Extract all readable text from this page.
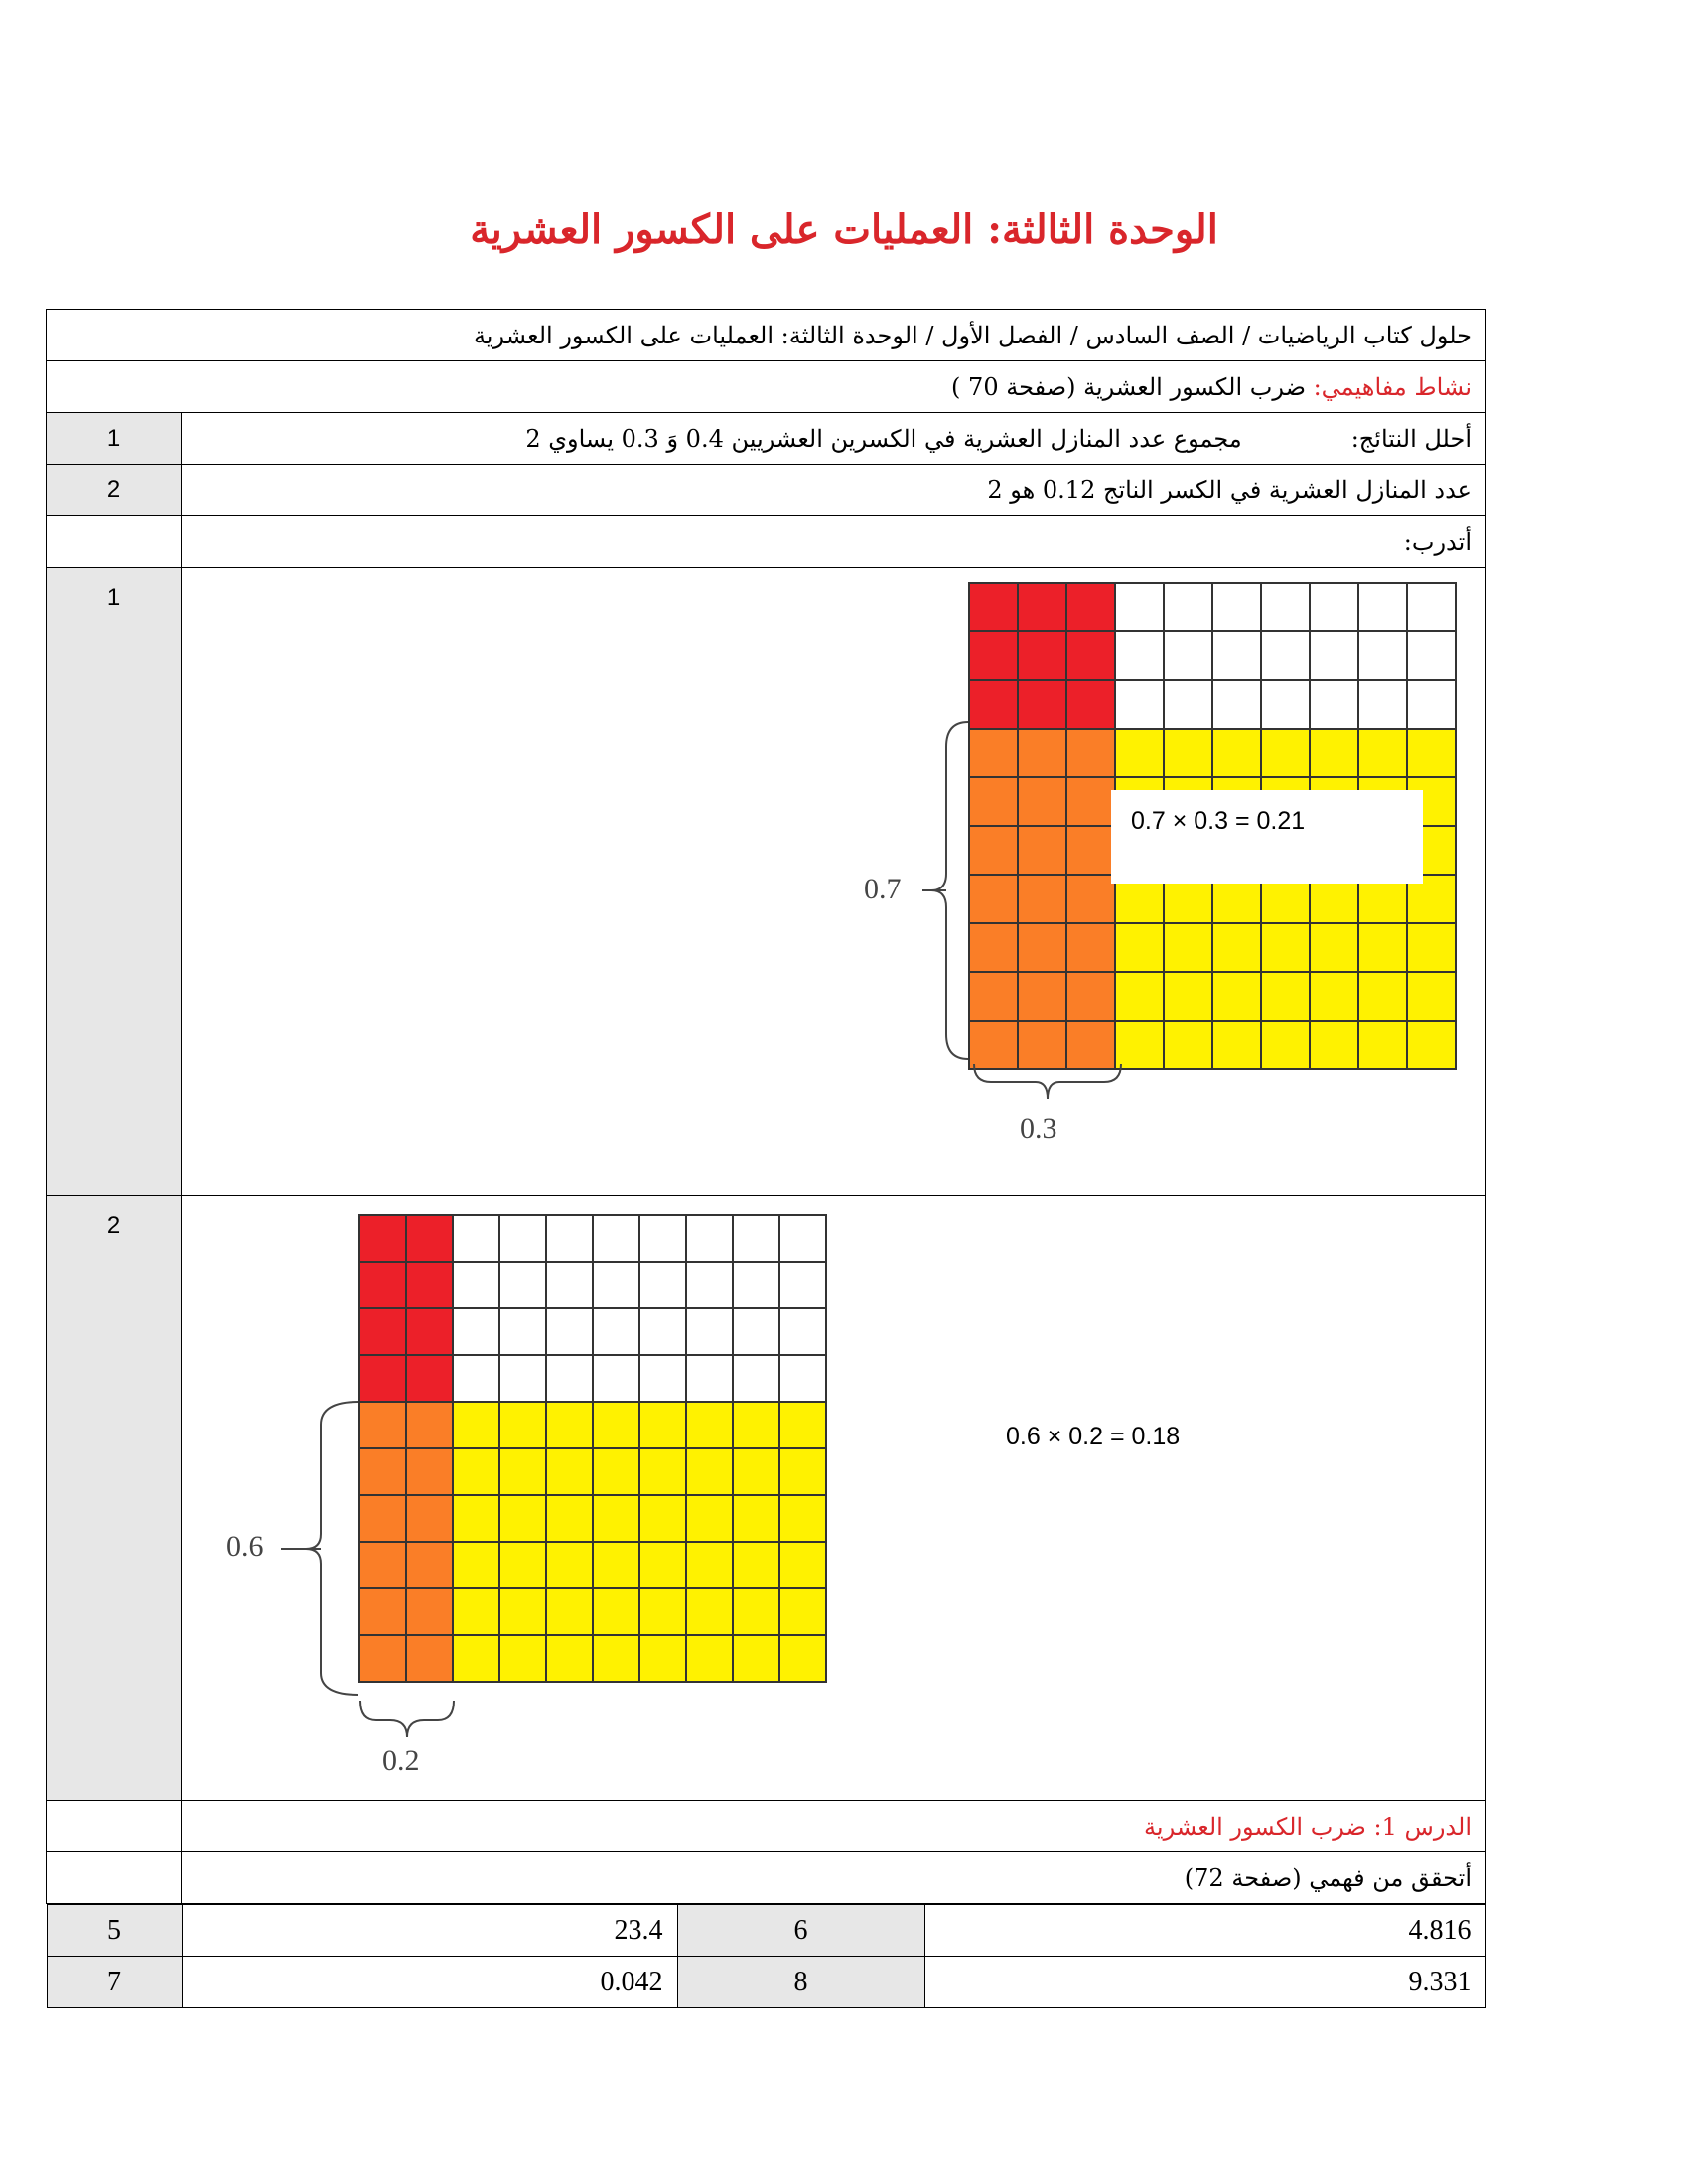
الوحدة الثالثة: العمليات على الكسور العشرية
حلول كتاب الرياضيات / الصف السادس / الفصل الأول / الوحدة الثالثة: العمليات على الكسور العشرية
نشاط مفاهيمي: ضرب الكسور العشرية (صفحة 70 )
1	أحلل النتائج:مجموع عدد المنازل العشرية في الكسرين العشريين 0.4 وَ 0.3 يساوي 2
2	عدد المنازل العشرية في الكسر الناتج 0.12 هو 2
	أتدرب:
1	
0.7
0.3
0.7 × 0.3 = 0.21

2	
0.6
0.2
0.6 × 0.2 = 0.18

	الدرس 1: ضرب الكسور العشرية
	أتحقق من فهمي (صفحة 72)

5	23.4	6	4.816
7	0.042	8	9.331
